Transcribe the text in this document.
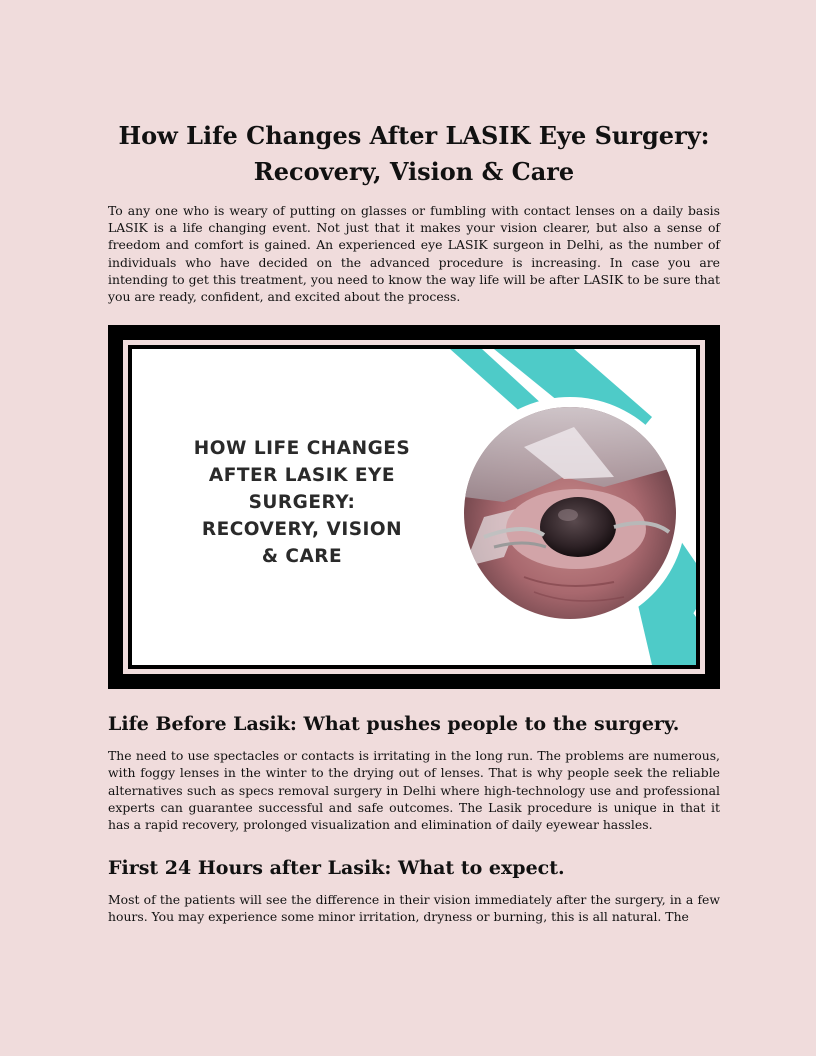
How Life Changes After LASIK Eye Surgery:
Recovery, Vision & Care

To any one who is weary of putting on glasses or fumbling with contact lenses on a daily basis LASIK is a life changing event. Not just that it makes your vision clearer, but also a sense of freedom and comfort is gained. An experienced eye LASIK surgeon in Delhi, as the number of individuals who have decided on the advanced procedure is increasing. In case you are intending to get this treatment, you need to know the way life will be after LASIK to be sure that you are ready, confident, and excited about the process.

HOW LIFE CHANGES
AFTER LASIK EYE
SURGERY:
RECOVERY, VISION
& CARE
Life Before Lasik: What pushes people to the surgery.

The need to use spectacles or contacts is irritating in the long run. The problems are numerous, with foggy lenses in the winter to the drying out of lenses. That is why people seek the reliable alternatives such as specs removal surgery in Delhi where high-technology use and professional experts can guarantee successful and safe outcomes. The Lasik procedure is unique in that it has a rapid recovery, prolonged visualization and elimination of daily eyewear hassles.

First 24 Hours after Lasik: What to expect.

Most of the patients will see the difference in their vision immediately after the surgery, in a few hours. You may experience some minor irritation, dryness or burning, this is all natural. The
